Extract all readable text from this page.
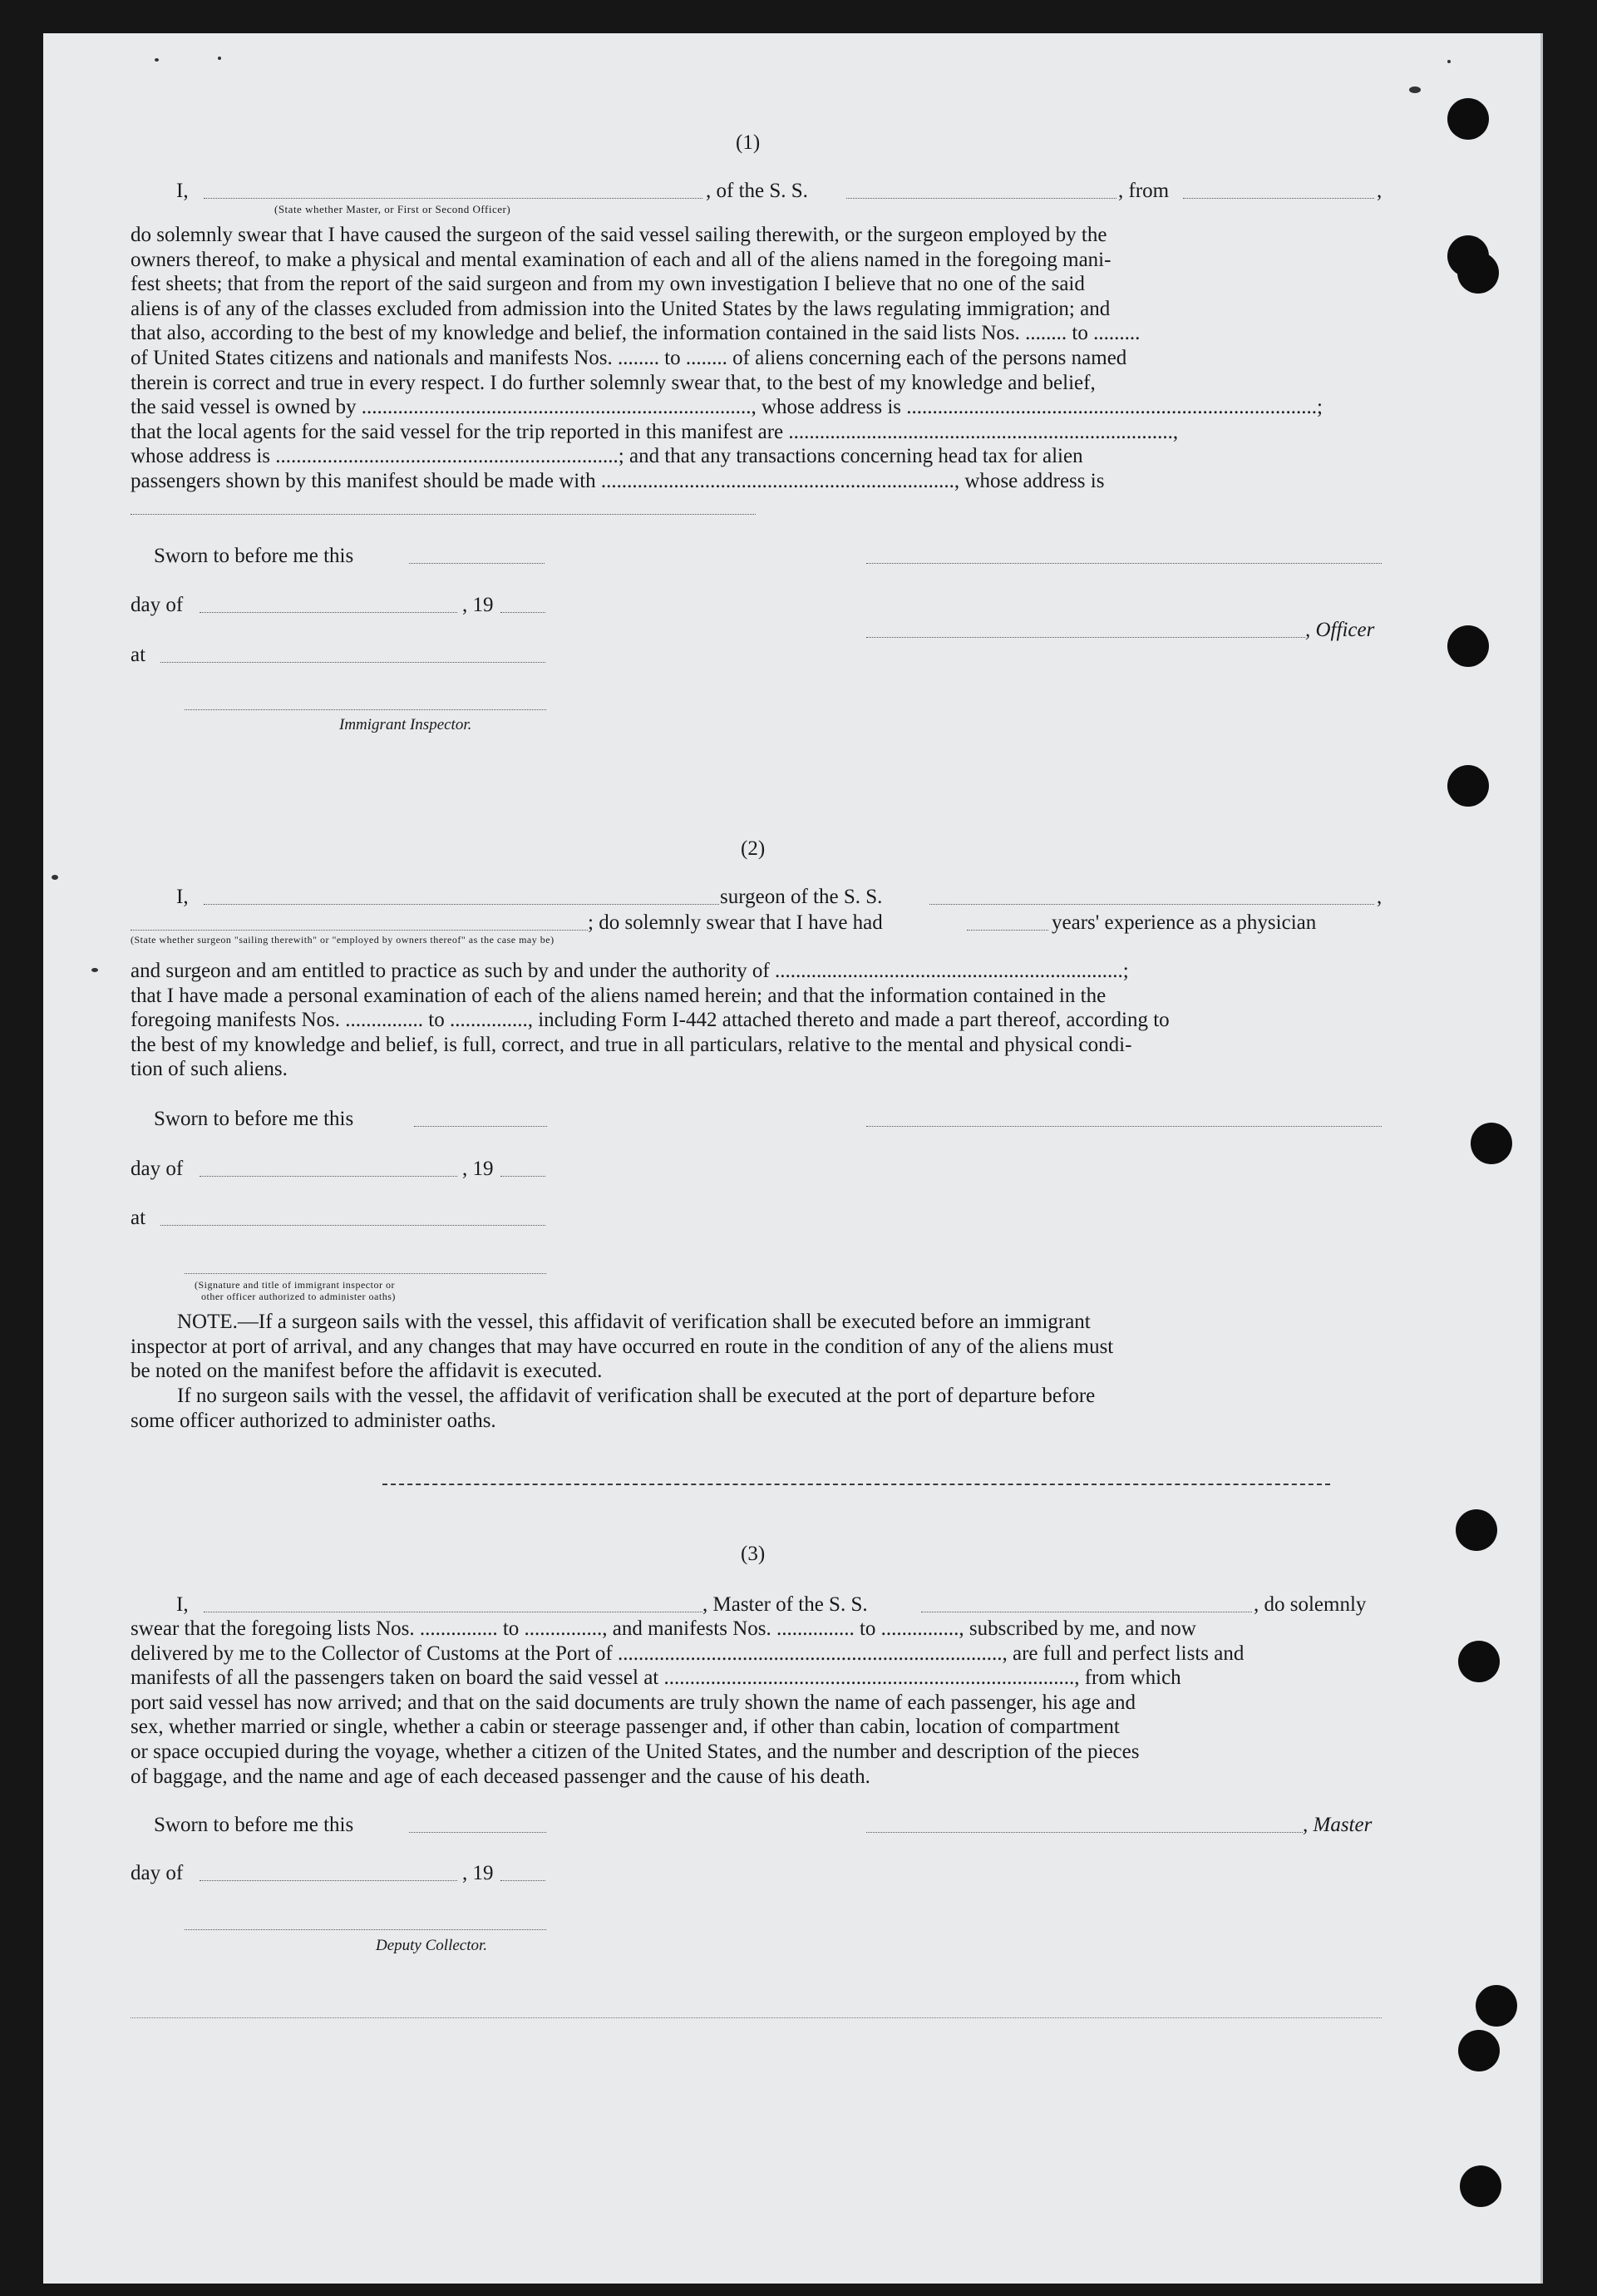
(1)
I,	, of the S. S.	, from	,
(State whether Master, or First or Second Officer)
do solemnly swear that I have caused the surgeon of the said vessel sailing therewith, or the surgeon employed by the
owners thereof, to make a physical and mental examination of each and all of the aliens named in the foregoing mani-
fest sheets; that from the report of the said surgeon and from my own investigation I believe that no one of the said
aliens is of any of the classes excluded from admission into the United States by the laws regulating immigration; and
that also, according to the best of my knowledge and belief, the information contained in the said lists Nos. ........ to .........
of United States citizens and nationals and manifests Nos. ........ to ........ of aliens concerning each of the persons named
therein is correct and true in every respect. I do further solemnly swear that, to the best of my knowledge and belief,
the said vessel is owned by ..........................................................................., whose address is ...............................................................................;
that the local agents for the said vessel for the trip reported in this manifest are ..........................................................................,
whose address is ..................................................................; and that any transactions concerning head tax for alien
passengers shown by this manifest should be made with ...................................................................., whose address is
Sworn to before me this
day of	, 19
, Officer
at
Immigrant Inspector.
(2)
I,	surgeon of the S. S.	,
; do solemnly swear that I have had	years' experience as a physician
(State whether surgeon "sailing therewith" or "employed by owners thereof" as the case may be)
and surgeon and am entitled to practice as such by and under the authority of ...................................................................;
that I have made a personal examination of each of the aliens named herein; and that the information contained in the
foregoing manifests Nos. ............... to ..............., including Form I-442 attached thereto and made a part thereof, according to
the best of my knowledge and belief, is full, correct, and true in all particulars, relative to the mental and physical condi-
tion of such aliens.
Sworn to before me this
day of	, 19
at
(Signature and title of immigrant inspector or
other officer authorized to administer oaths)
NOTE.—If a surgeon sails with the vessel, this affidavit of verification shall be executed before an immigrant
inspector at port of arrival, and any changes that may have occurred en route in the condition of any of the aliens must
be noted on the manifest before the affidavit is executed.
If no surgeon sails with the vessel, the affidavit of verification shall be executed at the port of departure before
some officer authorized to administer oaths.
(3)
I,	, Master of the S. S.	, do solemnly
swear that the foregoing lists Nos. ............... to ..............., and manifests Nos. ............... to ..............., subscribed by me, and now
delivered by me to the Collector of Customs at the Port of .........................................................................., are full and perfect lists and
manifests of all the passengers taken on board the said vessel at ..............................................................................., from which
port said vessel has now arrived; and that on the said documents are truly shown the name of each passenger, his age and
sex, whether married or single, whether a cabin or steerage passenger and, if other than cabin, location of compartment
or space occupied during the voyage, whether a citizen of the United States, and the number and description of the pieces
of baggage, and the name and age of each deceased passenger and the cause of his death.
Sworn to before me this	, Master
day of	, 19
Deputy Collector.
